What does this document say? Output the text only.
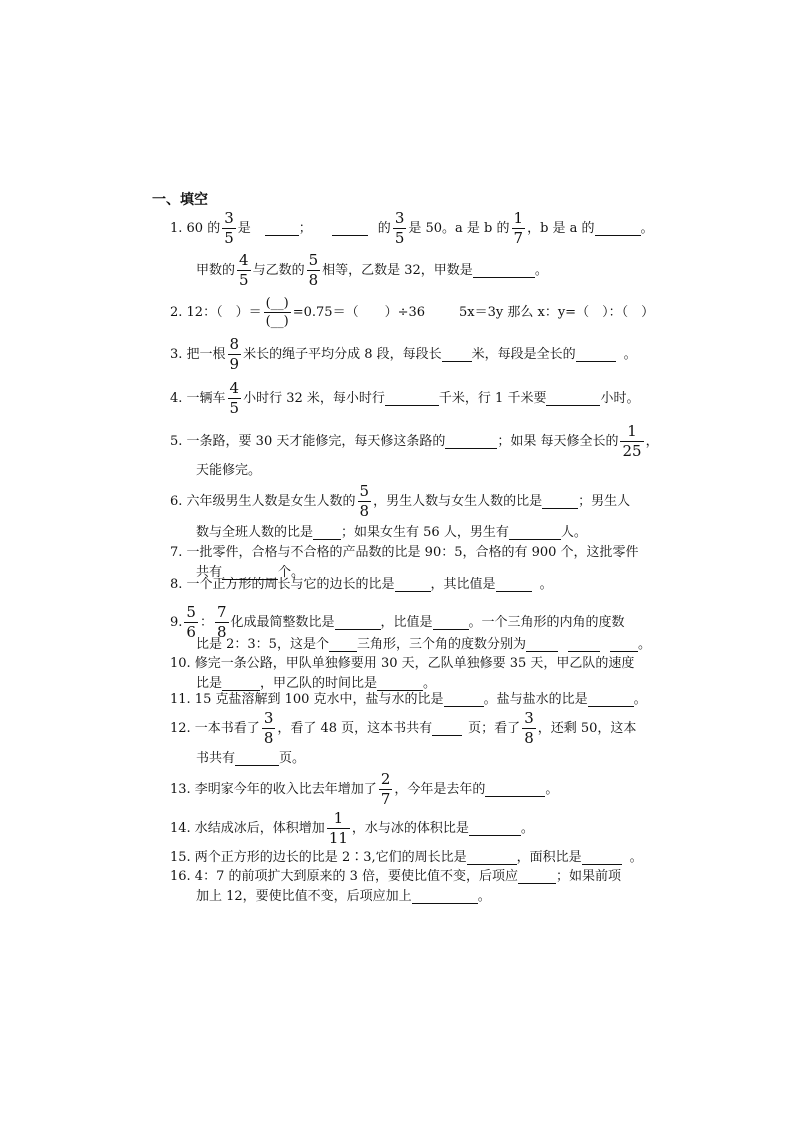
一、填空
1. 60 的
3
5
是	；	的
3
5
是 50。a 是 b 的
1
7
，b 是 a 的	。
甲数的
4
5
与乙数的
5
8
相等，乙数是 32，甲数是	。
2. 12：（　）＝
(__)
(__)
=0.75＝（　　）÷36	5x＝3y 那么 x：y=（　）：（　）
3. 把一根
8
9
米长的绳子平均分成 8 段，每段长 米，每段是全长的	。
4. 一辆车
4
5
小时行 32 米，每小时行	千米，行 1 千米要	小时。
5. 一条路，要 30 天才能修完，每天修这条路的	；如果 每天修全长的
1
25
，
天能修完。
6. 六年级男生人数是女生人数的
5
8
，男生人数与女生人数的比是	；男生人
数与全班人数的比是 ；如果女生有 56 人，男生有	人。
7. 一批零件，合格与不合格的产品数的比是 90：5，合格的有 900 个，这批零件
共有	个。
8. 一个正方形的周长与它的边长的比是	，其比值是	。
9.
5
6
：
7
8
化成最简整数比是	，比值是	。一个三角形的内角的度数
比是 2：3：5，这是个 三角形，三个角的度数分别为	。
10. 修完一条公路，甲队单独修要用 30 天，乙队单独修要 35 天，甲乙队的速度
比是	，甲乙队的时间比是	。
11. 15 克盐溶解到 100 克水中，盐与水的比是	。盐与盐水的比是	。
12. 一本书看了
3
8
，看了 48 页，这本书共有	页；看了
3
8
，还剩 50，这本
书共有	页。
13. 李明家今年的收入比去年增加了
2
7
，今年是去年的	。
14. 水结成冰后，体积增加
1
11
，水与冰的体积比是	。
15. 两个正方形的边长的比是 2∶3,它们的周长比是	，面积比是	。
16. 4：7 的前项扩大到原来的 3 倍，要使比值不变，后项应	；如果前项
加上 12，要使比值不变，后项应加上	。
